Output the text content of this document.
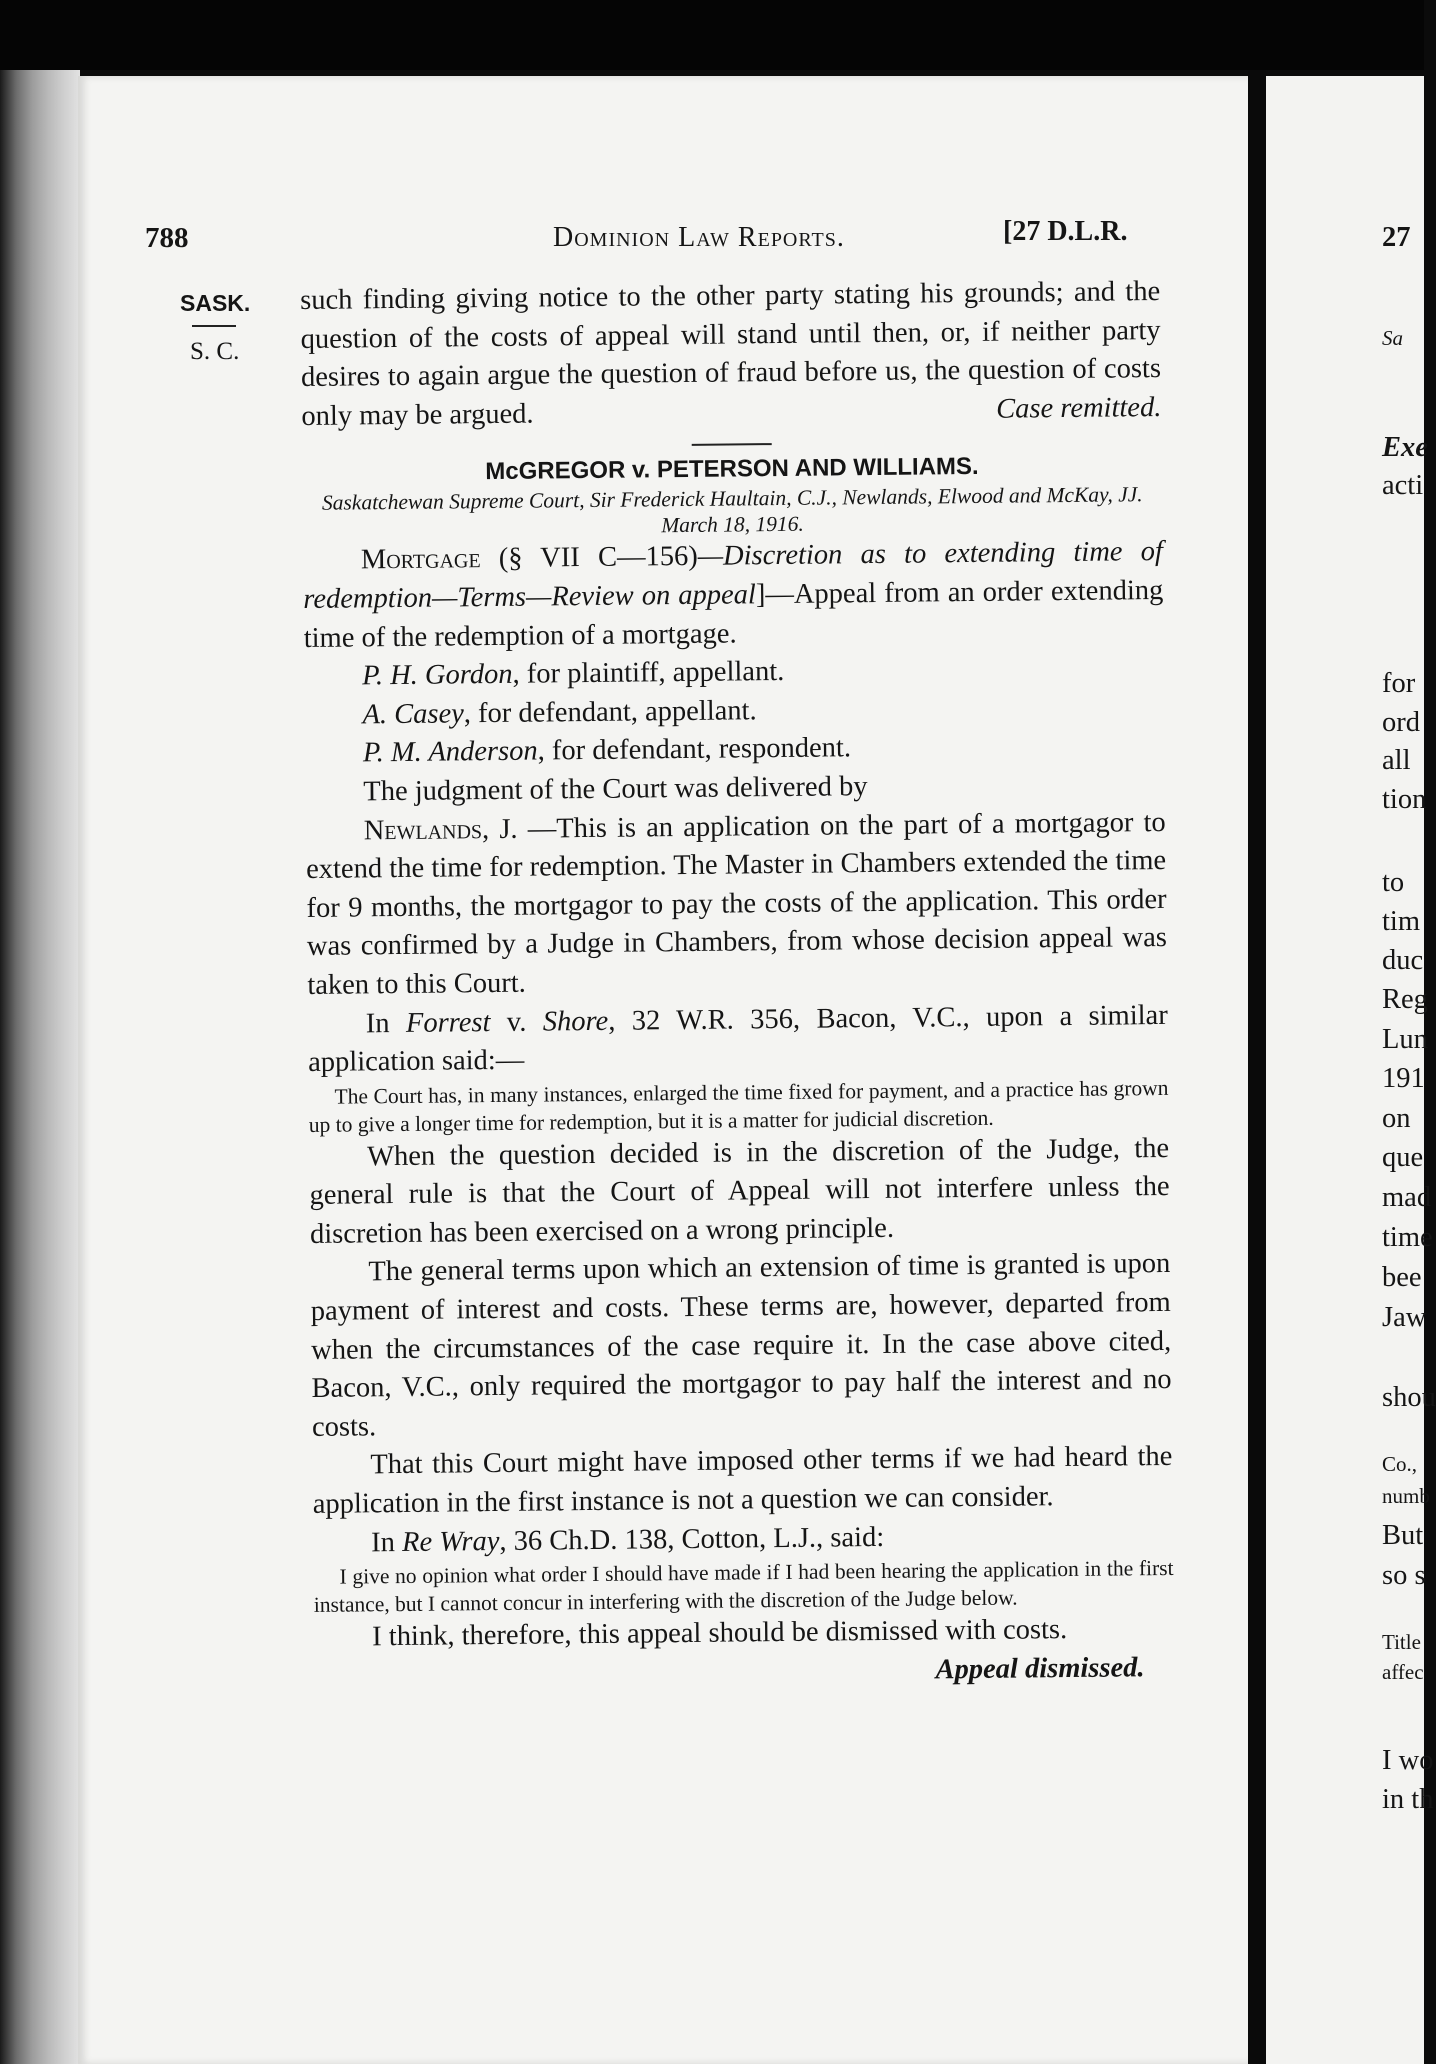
27
Sa
Exe
acti
for
ord
all
tion
to
tim
duc
Reg
Lun
191
on
que
mad
time
bee
Jaw
shou
Co.,
numb
But
so s
Title
affec
I wo
in th
788	Dominion Law Reports.	[27 D.L.R.
SASK.
S. C.

such finding giving notice to the other party stating his grounds; and the question of the costs of appeal will stand until then, or, if neither party desires to again argue the question of fraud before us, the question of costs only may be argued.	Case remitted.

McGREGOR v. PETERSON AND WILLIAMS.

Saskatchewan Supreme Court, Sir Frederick Haultain, C.J., Newlands, Elwood and McKay, JJ. March 18, 1916.

Mortgage (§ VII C—156)—Discretion as to extending time of redemption—Terms—Review on appeal]—Appeal from an order extending time of the redemption of a mortgage.

P. H. Gordon, for plaintiff, appellant.

A. Casey, for defendant, appellant.

P. M. Anderson, for defendant, respondent.

The judgment of the Court was delivered by

Newlands, J. —This is an application on the part of a mortgagor to extend the time for redemption. The Master in Chambers extended the time for 9 months, the mortgagor to pay the costs of the application. This order was confirmed by a Judge in Chambers, from whose decision appeal was taken to this Court.

In Forrest v. Shore, 32 W.R. 356, Bacon, V.C., upon a similar application said:—

The Court has, in many instances, enlarged the time fixed for payment, and a practice has grown up to give a longer time for redemption, but it is a matter for judicial discretion.

When the question decided is in the discretion of the Judge, the general rule is that the Court of Appeal will not interfere unless the discretion has been exercised on a wrong principle.

The general terms upon which an extension of time is granted is upon payment of interest and costs. These terms are, however, departed from when the circumstances of the case require it. In the case above cited, Bacon, V.C., only required the mortgagor to pay half the interest and no costs.

That this Court might have imposed other terms if we had heard the application in the first instance is not a question we can consider.

In Re Wray, 36 Ch.D. 138, Cotton, L.J., said:

I give no opinion what order I should have made if I had been hearing the application in the first instance, but I cannot concur in interfering with the discretion of the Judge below.

I think, therefore, this appeal should be dismissed with costs.

Appeal dismissed.
